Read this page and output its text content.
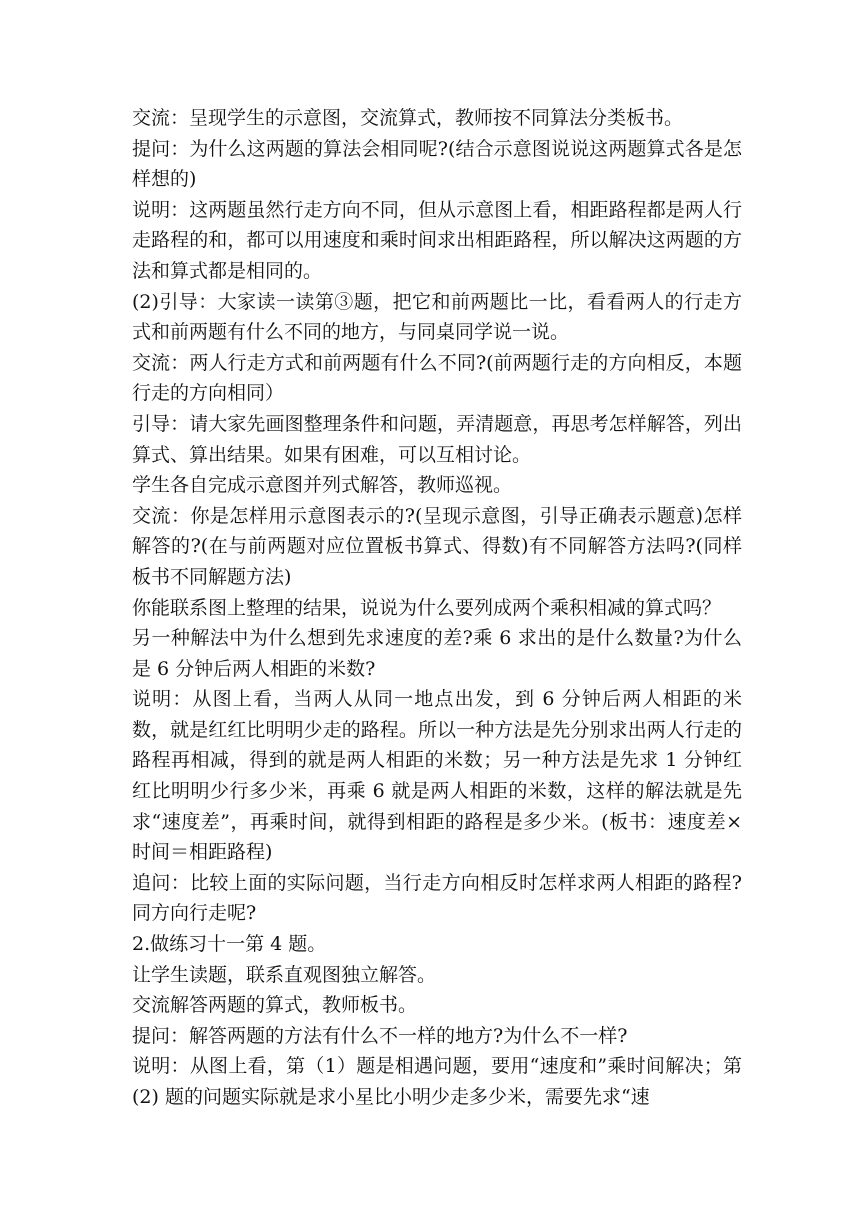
交流：呈现学生的示意图，交流算式，教师按不同算法分类板书。

提问：为什么这两题的算法会相同呢?(结合示意图说说这两题算式各是怎样想的)

说明：这两题虽然行走方向不同，但从示意图上看，相距路程都是两人行走路程的和，都可以用速度和乘时间求出相距路程，所以解决这两题的方法和算式都是相同的。

(2)引导：大家读一读第③题，把它和前两题比一比，看看两人的行走方式和前两题有什么不同的地方，与同桌同学说一说。

交流：两人行走方式和前两题有什么不同?(前两题行走的方向相反，本题行走的方向相同）

引导：请大家先画图整理条件和问题，弄清题意，再思考怎样解答，列出算式、算出结果。如果有困难，可以互相讨论。

学生各自完成示意图并列式解答，教师巡视。

交流：你是怎样用示意图表示的?(呈现示意图，引导正确表示题意)怎样解答的?(在与前两题对应位置板书算式、得数)有不同解答方法吗?(同样板书不同解题方法)

你能联系图上整理的结果，说说为什么要列成两个乘积相减的算式吗？

另一种解法中为什么想到先求速度的差?乘 6 求出的是什么数量?为什么是 6 分钟后两人相距的米数?

说明：从图上看，当两人从同一地点出发，到 6 分钟后两人相距的米数，就是红红比明明少走的路程。所以一种方法是先分别求出两人行走的路程再相减，得到的就是两人相距的米数；另一种方法是先求 1 分钟红红比明明少行多少米，再乘 6 就是两人相距的米数，这样的解法就是先求“速度差”，再乘时间，就得到相距的路程是多少米。(板书：速度差×时间＝相距路程)

追问：比较上面的实际问题，当行走方向相反时怎样求两人相距的路程?同方向行走呢?

2.做练习十一第 4 题。

让学生读题，联系直观图独立解答。

交流解答两题的算式，教师板书。

提问：解答两题的方法有什么不一样的地方?为什么不一样?

说明：从图上看，第（1）题是相遇问题，要用“速度和”乘时间解决；第(2) 题的问题实际就是求小星比小明少走多少米，需要先求“速
